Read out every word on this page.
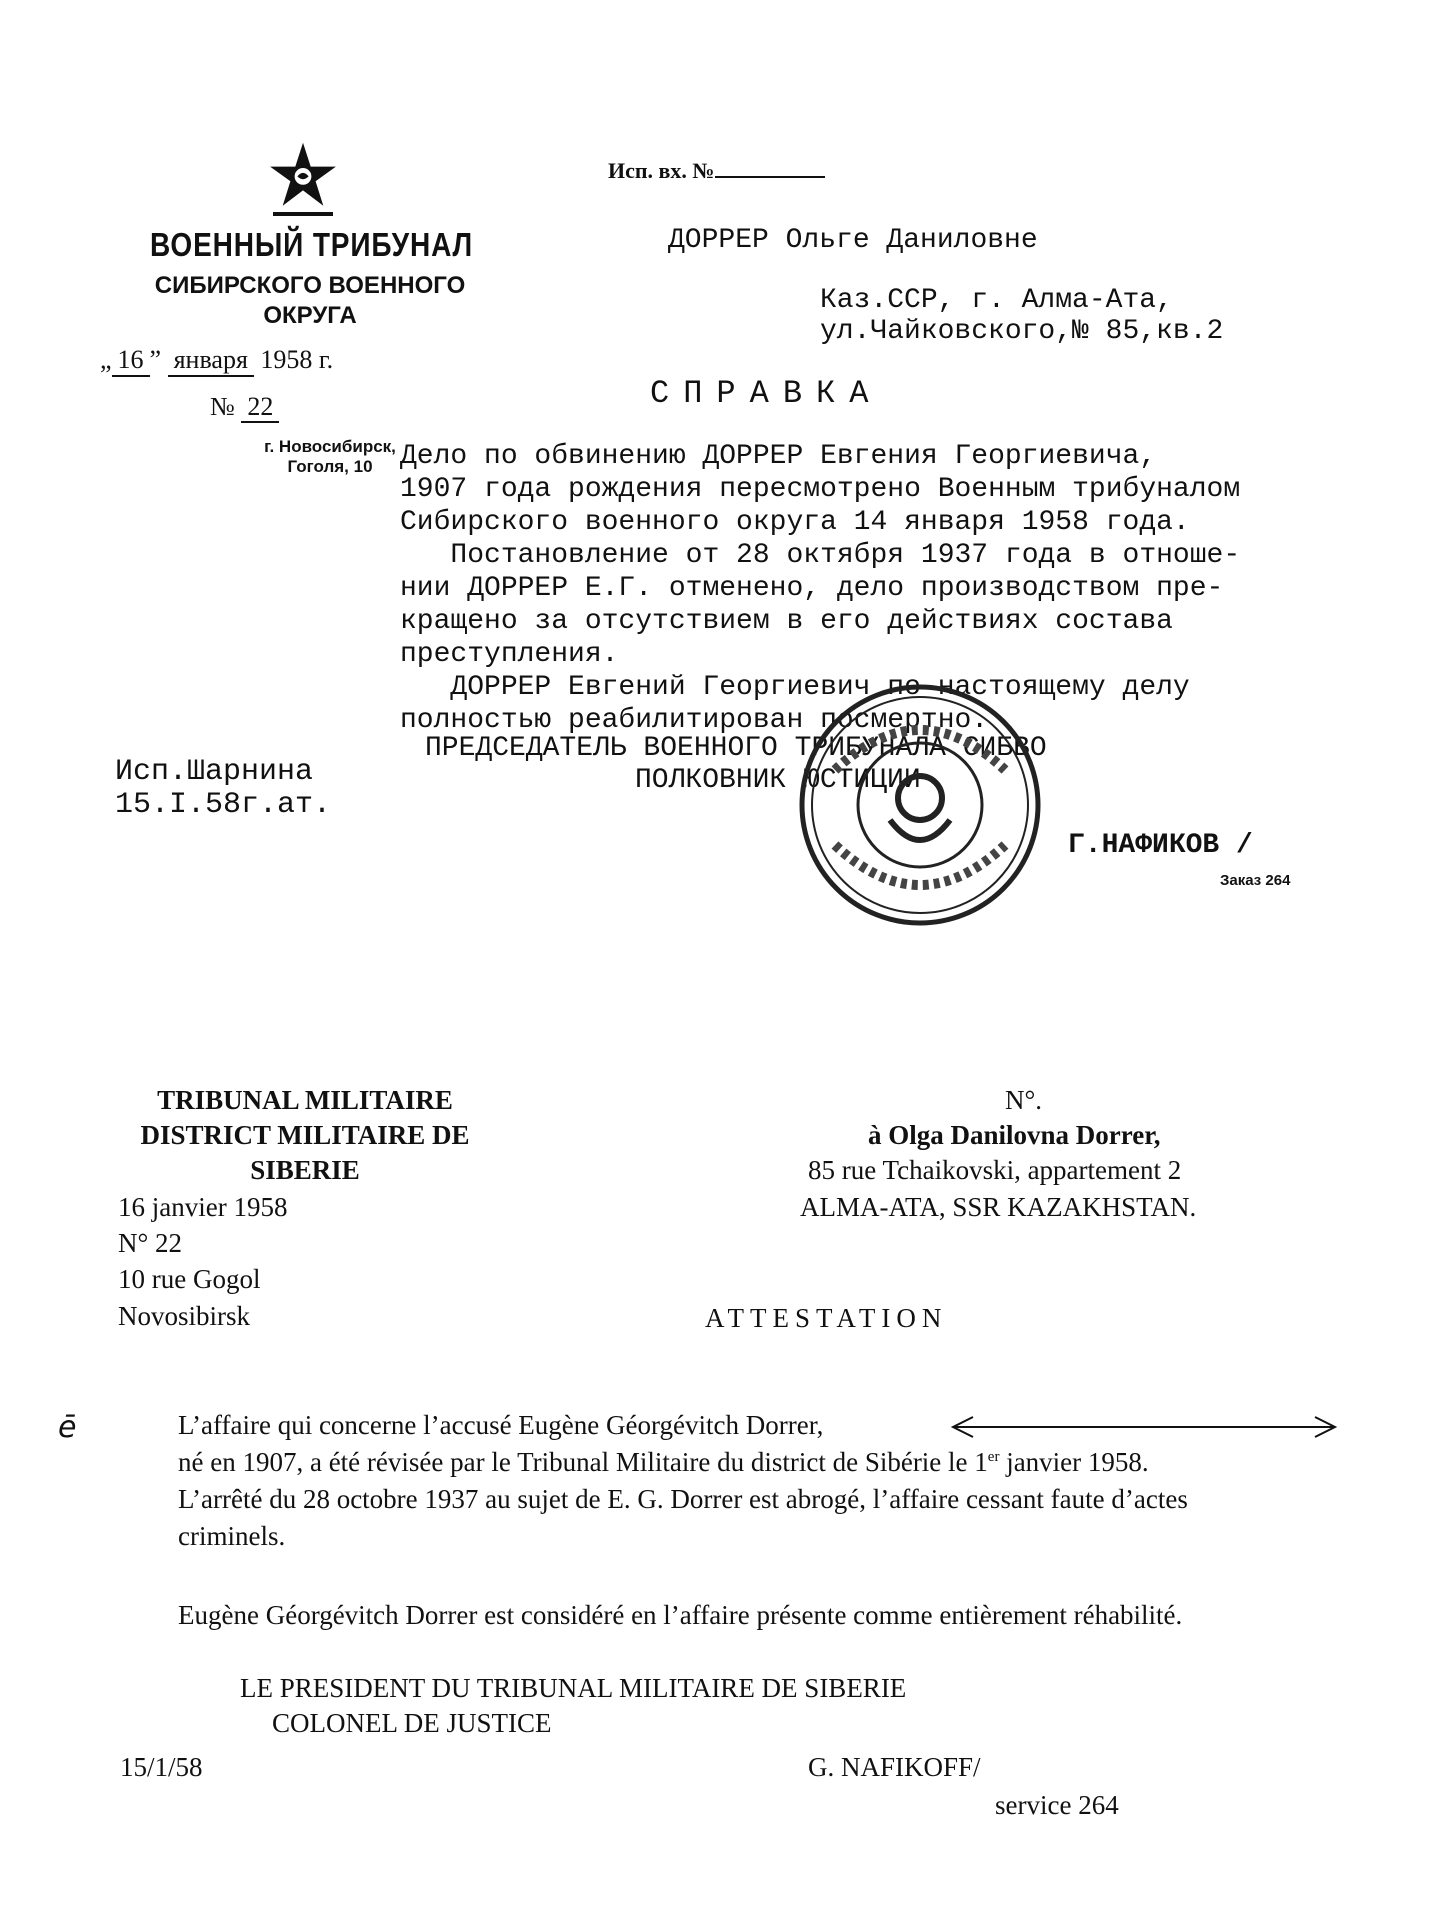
ВОЕННЫЙ ТРИБУНАЛ
СИБИРСКОГО ВОЕННОГО
ОКРУГА
„ 16 ” января 1958 г.
№ 22
г. Новосибирск,
Гоголя, 10
Исп. вх. №
ДОРРЕР Ольге Даниловне
Каз.ССР, г. Алма-Ата,
ул.Чайковского,№ 85,кв.2
СПРАВКА
Дело по обвинению ДОРРЕР Евгения Георгиевича,
1907 года рождения пересмотрено Военным трибуналом
Сибирского военного округа 14 января 1958 года.
Постановление от 28 октября 1937 года в отноше-
нии ДОРРЕР Е.Г. отменено, дело производством пре-
кращено за отсутствием в его действиях состава
преступления.
ДОРРЕР Евгений Георгиевич по настоящему делу
полностью реабилитирован посмертно.
Исп.Шарнина
15.I.58г.ат.
ПРЕДСЕДАТЕЛЬ ВОЕННОГО ТРИБУНАЛА СИБВО
ПОЛКОВНИК ЮСТИЦИИ
Г.НАФИКОВ /
Заказ 264
TRIBUNAL MILITAIRE
DISTRICT MILITAIRE DE
SIBERIE
16 janvier 1958
N° 22
10 rue Gogol
Novosibirsk
N°.
à Olga Danilovna Dorrer,
85 rue Tchaikovski, appartement 2
ALMA-ATA, SSR KAZAKHSTAN.
ATTESTATION
ē	L’affaire qui concerne l’accusé Eugène Géorgévitch Dorrer,
né en 1907, a été révisée par le Tribunal Militaire du district de Sibérie le 1er janvier 1958.
L’arrêté du 28 octobre 1937 au sujet de E. G. Dorrer est abrogé, l’affaire cessant faute d’actes
criminels.
Eugène Géorgévitch Dorrer est considéré en l’affaire présente comme entièrement réhabilité.
LE PRESIDENT DU TRIBUNAL MILITAIRE DE SIBERIE
COLONEL DE JUSTICE
15/1/58	G. NAFIKOFF/
service 264
